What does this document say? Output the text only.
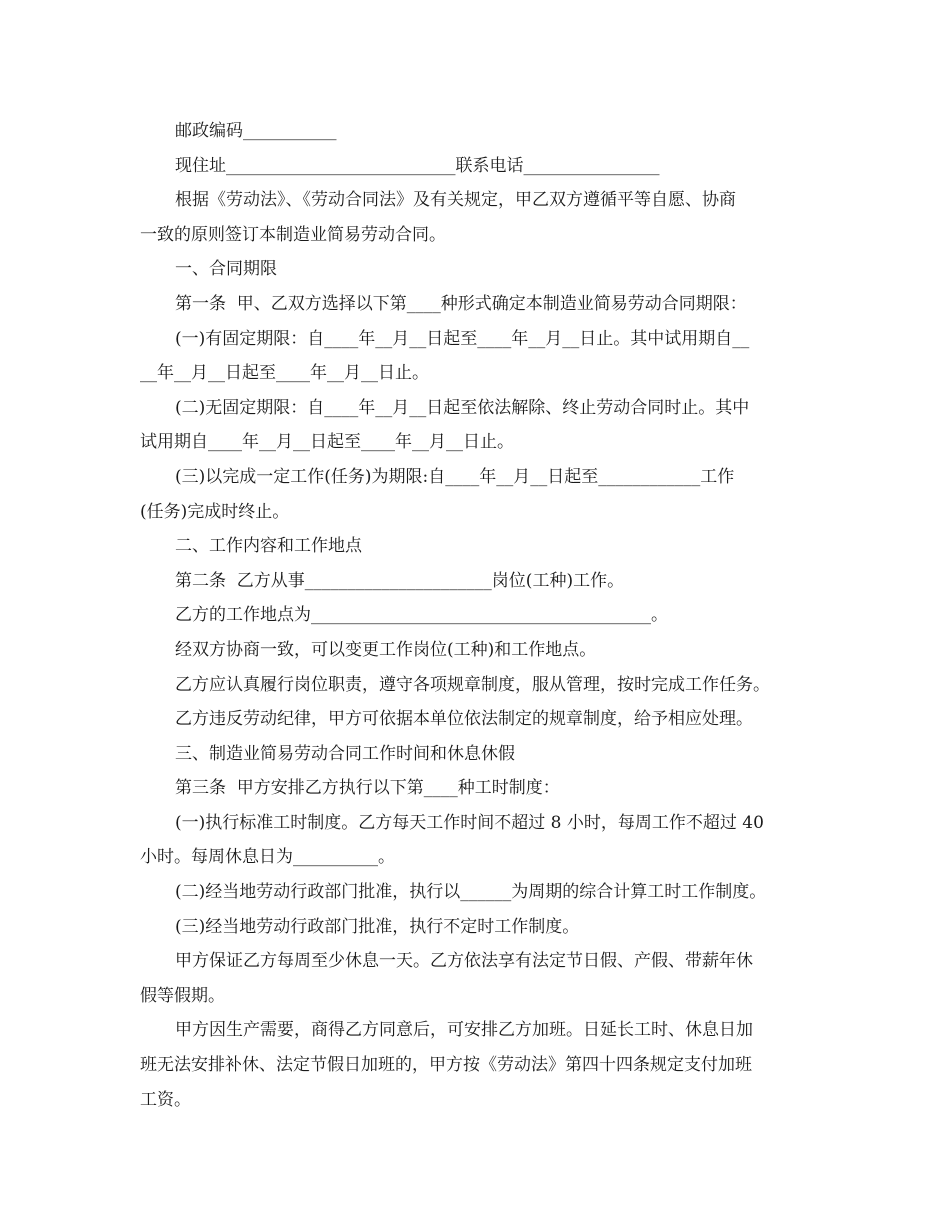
邮政编码___________
现住址___________________________联系电话________________
根据《劳动法》、《劳动合同法》及有关规定，甲乙双方遵循平等自愿、协商
一致的原则签订本制造业简易劳动合同。
一、合同期限
第一条  甲、乙双方选择以下第____种形式确定本制造业简易劳动合同期限：
(一)有固定期限：自____年__月__日起至____年__月__日止。其中试用期自__
__年__月__日起至____年__月__日止。
(二)无固定期限：自____年__月__日起至依法解除、终止劳动合同时止。其中
试用期自____年__月__日起至____年__月__日止。
(三)以完成一定工作(任务)为期限:自____年__月__日起至____________工作
(任务)完成时终止。
二、工作内容和工作地点
第二条  乙方从事______________________岗位(工种)工作。
乙方的工作地点为________________________________________。
经双方协商一致，可以变更工作岗位(工种)和工作地点。
乙方应认真履行岗位职责，遵守各项规章制度，服从管理，按时完成工作任务。
乙方违反劳动纪律，甲方可依据本单位依法制定的规章制度，给予相应处理。
三、制造业简易劳动合同工作时间和休息休假
第三条  甲方安排乙方执行以下第____种工时制度：
(一)执行标准工时制度。乙方每天工作时间不超过 8 小时，每周工作不超过 40
小时。每周休息日为__________。
(二)经当地劳动行政部门批准，执行以______为周期的综合计算工时工作制度。
(三)经当地劳动行政部门批准，执行不定时工作制度。
甲方保证乙方每周至少休息一天。乙方依法享有法定节日假、产假、带薪年休
假等假期。
甲方因生产需要，商得乙方同意后，可安排乙方加班。日延长工时、休息日加
班无法安排补休、法定节假日加班的，甲方按《劳动法》第四十四条规定支付加班
工资。
